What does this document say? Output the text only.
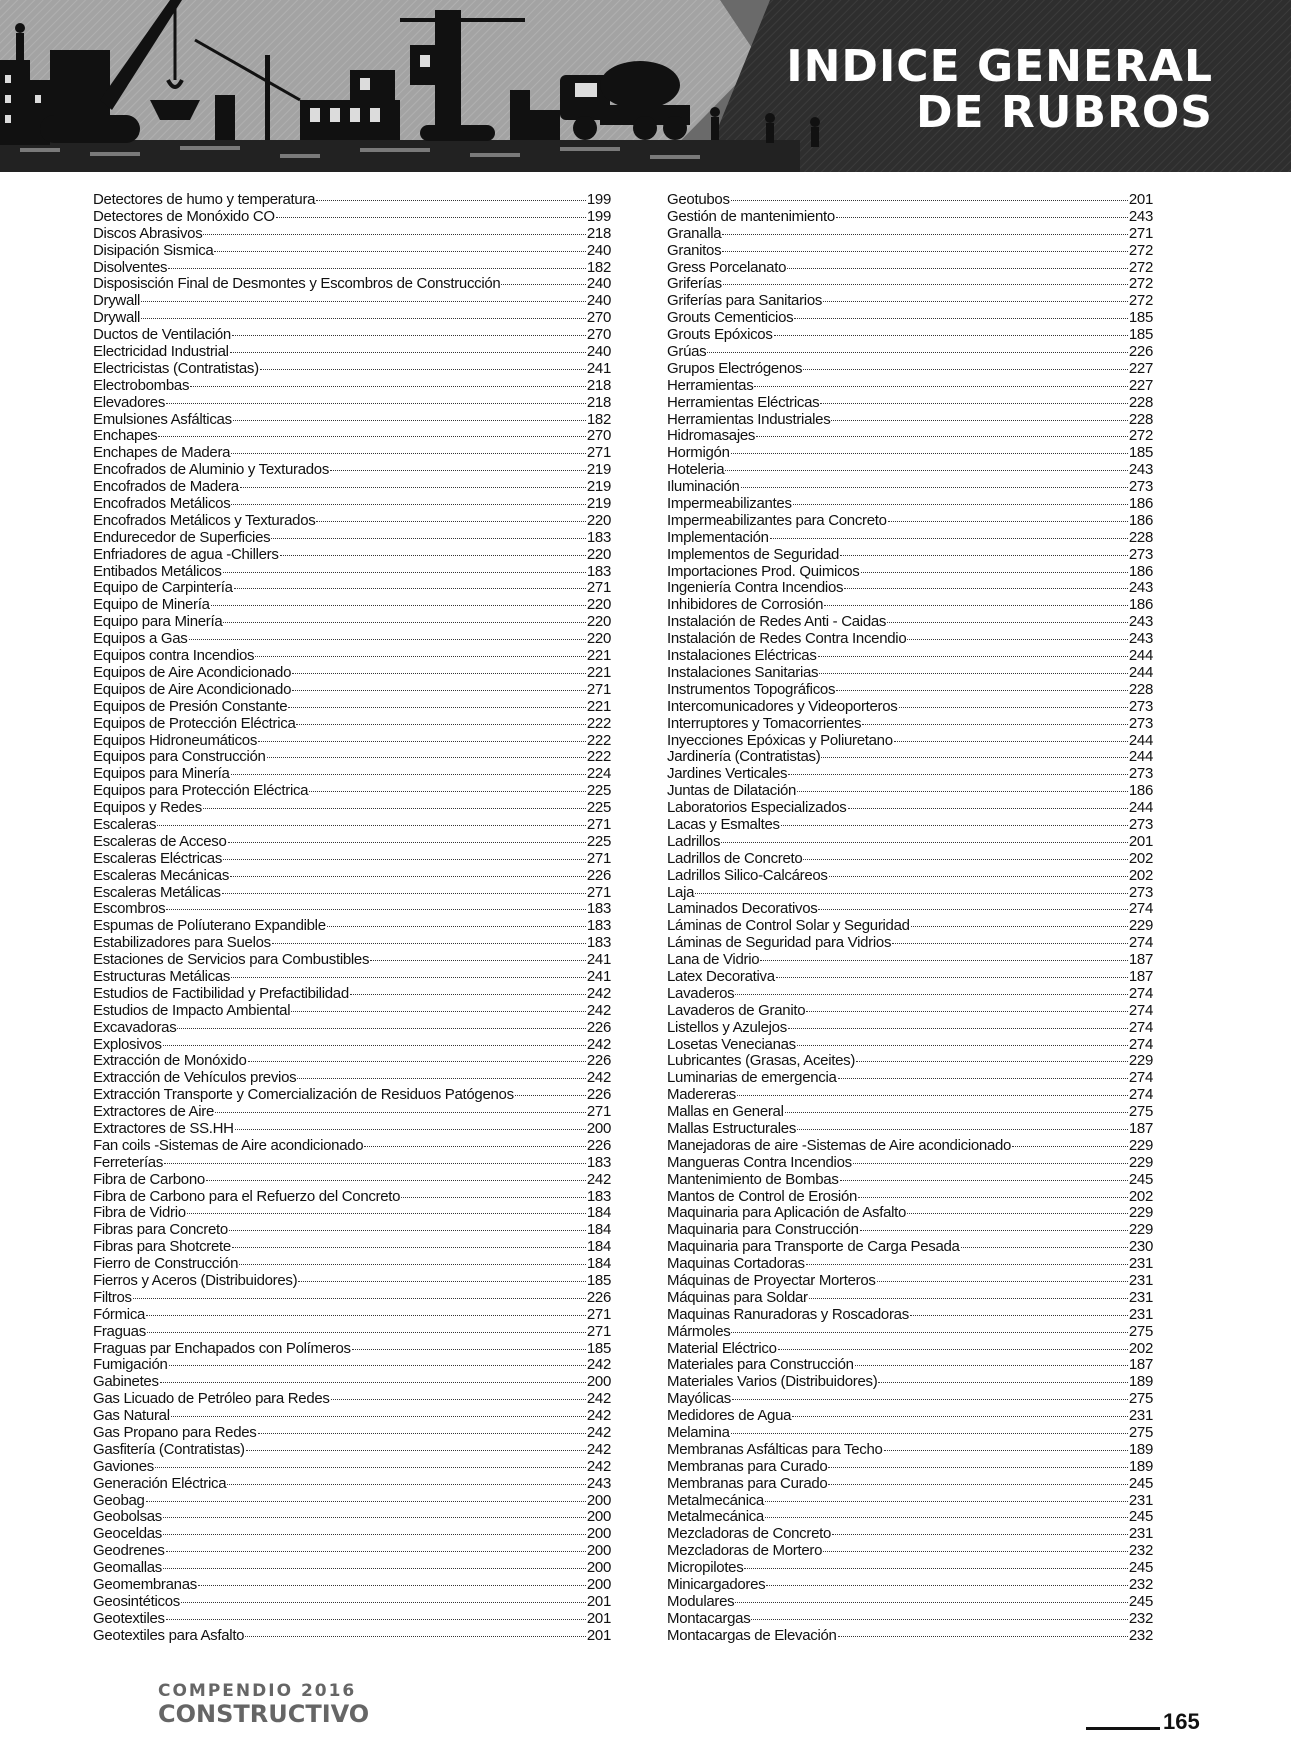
INDICE GENERAL
DE RUBROS
Detectores de humo y temperatura	199
Detectores de Monóxido CO	199
Discos Abrasivos	218
Disipación Sismica	240
Disolventes	182
Disposisción Final de Desmontes y Escombros de Construcción	240
Drywall	240
Drywall	270
Ductos de Ventilación	270
Electricidad Industrial	240
Electricistas (Contratistas)	241
Electrobombas	218
Elevadores	218
Emulsiones Asfálticas	182
Enchapes	270
Enchapes de Madera	271
Encofrados de Aluminio y Texturados	219
Encofrados de Madera	219
Encofrados Metálicos	219
Encofrados Metálicos y Texturados	220
Endurecedor de Superficies	183
Enfriadores de agua -Chillers	220
Entibados Metálicos	183
Equipo de Carpintería	271
Equipo de Minería	220
Equipo para Minería	220
Equipos a Gas	220
Equipos contra Incendios	221
Equipos de Aire Acondicionado	221
Equipos de Aire Acondicionado	271
Equipos de Presión Constante	221
Equipos de Protección Eléctrica	222
Equipos Hidroneumáticos	222
Equipos para Construcción	222
Equipos para Minería	224
Equipos para Protección Eléctrica	225
Equipos y Redes	225
Escaleras	271
Escaleras de Acceso	225
Escaleras Eléctricas	271
Escaleras Mecánicas	226
Escaleras Metálicas	271
Escombros	183
Espumas de Políuterano Expandible	183
Estabilizadores para Suelos	183
Estaciones de Servicios para Combustibles	241
Estructuras Metálicas	241
Estudios de Factibilidad y Prefactibilidad	242
Estudios de Impacto Ambiental	242
Excavadoras	226
Explosivos	242
Extracción de Monóxido	226
Extracción de Vehículos previos	242
Extracción Transporte y Comercialización de Residuos Patógenos	226
Extractores de Aire	271
Extractores de SS.HH	200
Fan coils -Sistemas de Aire acondicionado	226
Ferreterías	183
Fibra de Carbono	242
Fibra de Carbono para el Refuerzo del Concreto	183
Fibra de Vidrio	184
Fibras para Concreto	184
Fibras para Shotcrete	184
Fierro de Construcción	184
Fierros y Aceros (Distribuidores)	185
Filtros	226
Fórmica	271
Fraguas	271
Fraguas par Enchapados con Polímeros	185
Fumigación	242
Gabinetes	200
Gas Licuado de Petróleo para Redes	242
Gas Natural	242
Gas Propano para Redes	242
Gasfitería (Contratistas)	242
Gaviones	242
Generación Eléctrica	243
Geobag	200
Geobolsas	200
Geoceldas	200
Geodrenes	200
Geomallas	200
Geomembranas	200
Geosintéticos	201
Geotextiles	201
Geotextiles para Asfalto	201
Geotubos	201
Gestión de mantenimiento	243
Granalla	271
Granitos	272
Gress Porcelanato	272
Griferías	272
Griferías para Sanitarios	272
Grouts Cementicios	185
Grouts Epóxicos	185
Grúas	226
Grupos Electrógenos	227
Herramientas	227
Herramientas Eléctricas	228
Herramientas Industriales	228
Hidromasajes	272
Hormigón	185
Hoteleria	243
Iluminación	273
Impermeabilizantes	186
Impermeabilizantes para Concreto	186
Implementación	228
Implementos de Seguridad	273
Importaciones Prod. Quimicos	186
Ingeniería Contra Incendios	243
Inhibidores de Corrosión	186
Instalación de Redes Anti - Caidas	243
Instalación de Redes Contra Incendio	243
Instalaciones Eléctricas	244
Instalaciones Sanitarias	244
Instrumentos Topográficos	228
Intercomunicadores y Videoporteros	273
Interruptores y Tomacorrientes	273
Inyecciones Epóxicas y Poliuretano	244
Jardinería (Contratistas)	244
Jardines Verticales	273
Juntas de Dilatación	186
Laboratorios Especializados	244
Lacas y Esmaltes	273
Ladrillos	201
Ladrillos de Concreto	202
Ladrillos Silico-Calcáreos	202
Laja	273
Laminados Decorativos	274
Láminas de Control Solar y Seguridad	229
Láminas de Seguridad para Vidrios	274
Lana de Vidrio	187
Latex Decorativa	187
Lavaderos	274
Lavaderos de Granito	274
Listellos y Azulejos	274
Losetas Venecianas	274
Lubricantes (Grasas, Aceites)	229
Luminarias de emergencia	274
Madereras	274
Mallas en General	275
Mallas Estructurales	187
Manejadoras de aire -Sistemas de Aire acondicionado	229
Mangueras Contra Incendios	229
Mantenimiento de Bombas	245
Mantos de Control de Erosión	202
Maquinaria para Aplicación de Asfalto	229
Maquinaria para Construcción	229
Maquinaria para Transporte de Carga Pesada	230
Maquinas Cortadoras	231
Máquinas de Proyectar Morteros	231
Máquinas para Soldar	231
Maquinas Ranuradoras y Roscadoras	231
Mármoles	275
Material Eléctrico	202
Materiales para Construcción	187
Materiales Varios (Distribuidores)	189
Mayólicas	275
Medidores de Agua	231
Melamina	275
Membranas Asfálticas para Techo	189
Membranas para Curado	189
Membranas para Curado	245
Metalmecánica	231
Metalmecánica	245
Mezcladoras de Concreto	231
Mezcladoras de Mortero	232
Micropilotes	245
Minicargadores	232
Modulares	245
Montacargas	232
Montacargas de Elevación	232
COMPENDIO 2016
CONSTRUCTIVO	165
